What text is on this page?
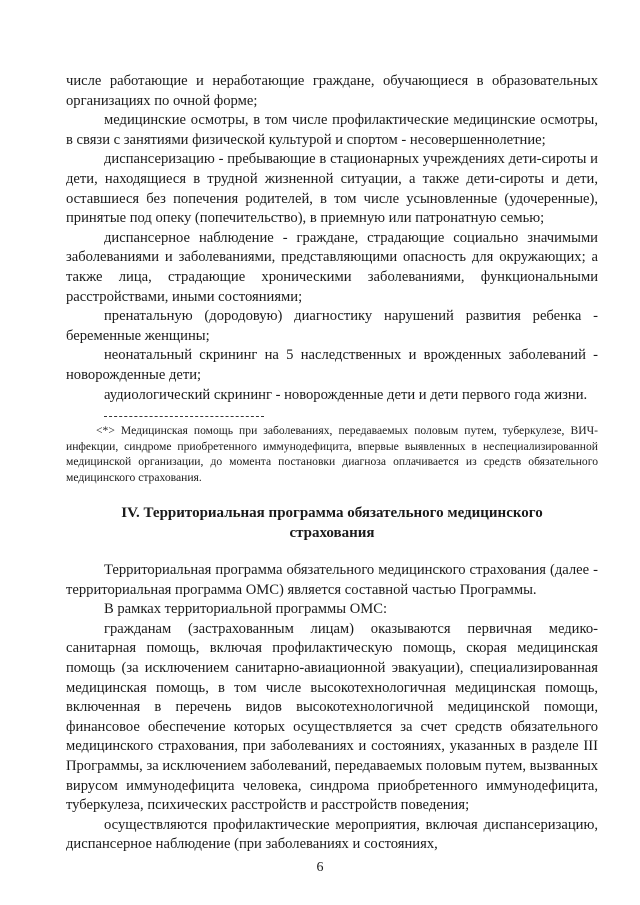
числе работающие и неработающие граждане, обучающиеся в образовательных организациях по очной форме;

медицинские осмотры, в том числе профилактические медицинские осмотры, в связи с занятиями физической культурой и спортом - несовершеннолетние;

диспансеризацию - пребывающие в стационарных учреждениях дети-сироты и дети, находящиеся в трудной жизненной ситуации, а также дети-сироты и дети, оставшиеся без попечения родителей, в том числе усыновленные (удочеренные), принятые под опеку (попечительство), в приемную или патронатную семью;

диспансерное наблюдение - граждане, страдающие социально значимыми заболеваниями и заболеваниями, представляющими опасность для окружающих; а также лица, страдающие хроническими заболеваниями, функциональными расстройствами, иными состояниями;

пренатальную (дородовую) диагностику нарушений развития ребенка - беременные женщины;

неонатальный скрининг на 5 наследственных и врожденных заболеваний - новорожденные дети;

аудиологический скрининг - новорожденные дети и дети первого года жизни.

<*> Медицинская помощь при заболеваниях, передаваемых половым путем, туберкулезе, ВИЧ-инфекции, синдроме приобретенного иммунодефицита, впервые выявленных в неспециализированной медицинской организации, до момента постановки диагноза оплачивается из средств обязательного медицинского страхования.

IV. Территориальная программа обязательного медицинского страхования

Территориальная программа обязательного медицинского страхования (далее - территориальная программа ОМС) является составной частью Программы.

В рамках территориальной программы ОМС:

гражданам (застрахованным лицам) оказываются первичная медико-санитарная помощь, включая профилактическую помощь, скорая медицинская помощь (за исключением санитарно-авиационной эвакуации), специализированная медицинская помощь, в том числе высокотехнологичная медицинская помощь, включенная в перечень видов высокотехнологичной медицинской помощи, финансовое обеспечение которых осуществляется за счет средств обязательного медицинского страхования, при заболеваниях и состояниях, указанных в разделе III Программы, за исключением заболеваний, передаваемых половым путем, вызванных вирусом иммунодефицита человека, синдрома приобретенного иммунодефицита, туберкулеза, психических расстройств и расстройств поведения;

осуществляются профилактические мероприятия, включая диспансеризацию, диспансерное наблюдение (при заболеваниях и состояниях,

6
